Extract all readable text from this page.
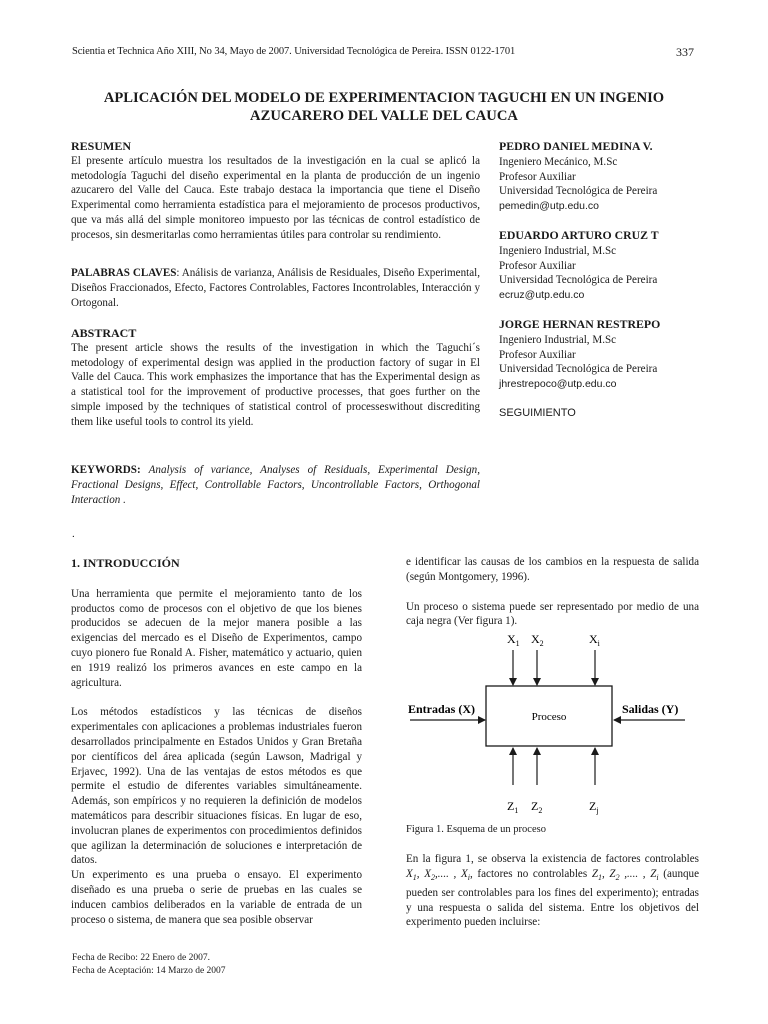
Scientia et Technica Año XIII, No 34, Mayo de 2007. Universidad Tecnológica de Pereira. ISSN 0122-1701	337
APLICACIÓN DEL MODELO DE EXPERIMENTACION TAGUCHI EN UN INGENIO
AZUCARERO DEL VALLE DEL CAUCA
RESUMEN

El presente artículo muestra los resultados de la investigación en la cual se aplicó la metodología Taguchi del diseño experimental en la planta de producción de un ingenio azucarero del Valle del Cauca. Este trabajo destaca la importancia que tiene el Diseño Experimental como herramienta estadística para el mejoramiento de procesos productivos, que va más allá del simple monitoreo impuesto por las técnicas de control estadístico de procesos, sin desmeritarlas como herramientas útiles para controlar su rendimiento.

PALABRAS CLAVES: Análisis de varianza, Análisis de Residuales, Diseño Experimental, Diseños Fraccionados, Efecto, Factores Controlables, Factores Incontrolables, Interacción y Ortogonal.

ABSTRACT

The present article shows the results of the investigation in which the Taguchi´s metodology of experimental design was applied in the production factory of sugar in El Valle del Cauca. This work emphasizes the importance that has the Experimental design as a statistical tool for the improvement of productive processes, that goes further on the simple imposed by the techniques of statistical control of processeswithout discrediting them like useful tools to control its yield.

KEYWORDS: Analysis of variance, Analyses of Residuals, Experimental Design, Fractional Designs, Effect, Controllable Factors, Uncontrollable Factors, Orthogonal Interaction .

PEDRO DANIEL MEDINA V.
Ingeniero Mecánico, M.Sc
Profesor Auxiliar
Universidad Tecnológica de Pereira
pemedin@utp.edu.co
EDUARDO ARTURO CRUZ T
Ingeniero Industrial, M.Sc
Profesor Auxiliar
Universidad Tecnológica de Pereira
ecruz@utp.edu.co
JORGE HERNAN RESTREPO
Ingeniero Industrial, M.Sc
Profesor Auxiliar
Universidad Tecnológica de Pereira
jhrestrepoco@utp.edu.co
SEGUIMIENTO
.
1. INTRODUCCIÓN

Una herramienta que permite el mejoramiento tanto de los productos como de procesos con el objetivo de que los bienes producidos se adecuen de la mejor manera posible a las exigencias del mercado es el Diseño de Experimentos, campo cuyo pionero fue Ronald A. Fisher, matemático y actuario, quien en 1919 realizó los primeros avances en este campo en la agricultura.

Los métodos estadísticos y las técnicas de diseños experimentales con aplicaciones a problemas industriales fueron desarrollados principalmente en Estados Unidos y Gran Bretaña por científicos del área aplicada (según Lawson, Madrigal y Erjavec, 1992). Una de las ventajas de estos métodos es que permite el estudio de diferentes variables simultáneamente. Además, son empíricos y no requieren la definición de modelos matemáticos para describir situaciones físicas. En lugar de eso, involucran planes de experimentos con procedimientos definidos que agilizan la determinación de soluciones e interpretación de datos.

Un experimento es una prueba o ensayo. El experimento diseñado es una prueba o serie de pruebas en las cuales se inducen cambios deliberados en la variable de entrada de un proceso o sistema, de manera que sea posible observar

e identificar las causas de los cambios en la respuesta de salida (según Montgomery, 1996).

Un proceso o sistema puede ser representado por medio de una caja negra (Ver figura 1).

$X_1$ $X_2$	$X_i$
Proceso
Entradas (X)	Salidas (Y)
$Z_1$ $Z_2$	$Z_j$
Figura 1. Esquema de un proceso

En la figura 1, se observa la existencia de factores controlables $X_1$, $X_2$,.... , $X_i$, factores no controlables $Z_1$, $Z_2$ ,.... , $Z_i$ (aunque pueden ser controlables para los fines del experimento); entradas y una respuesta o salida del sistema. Entre los objetivos del experimento pueden incluirse:

Fecha de Recibo: 22 Enero de 2007.
Fecha de Aceptación: 14 Marzo de 2007
